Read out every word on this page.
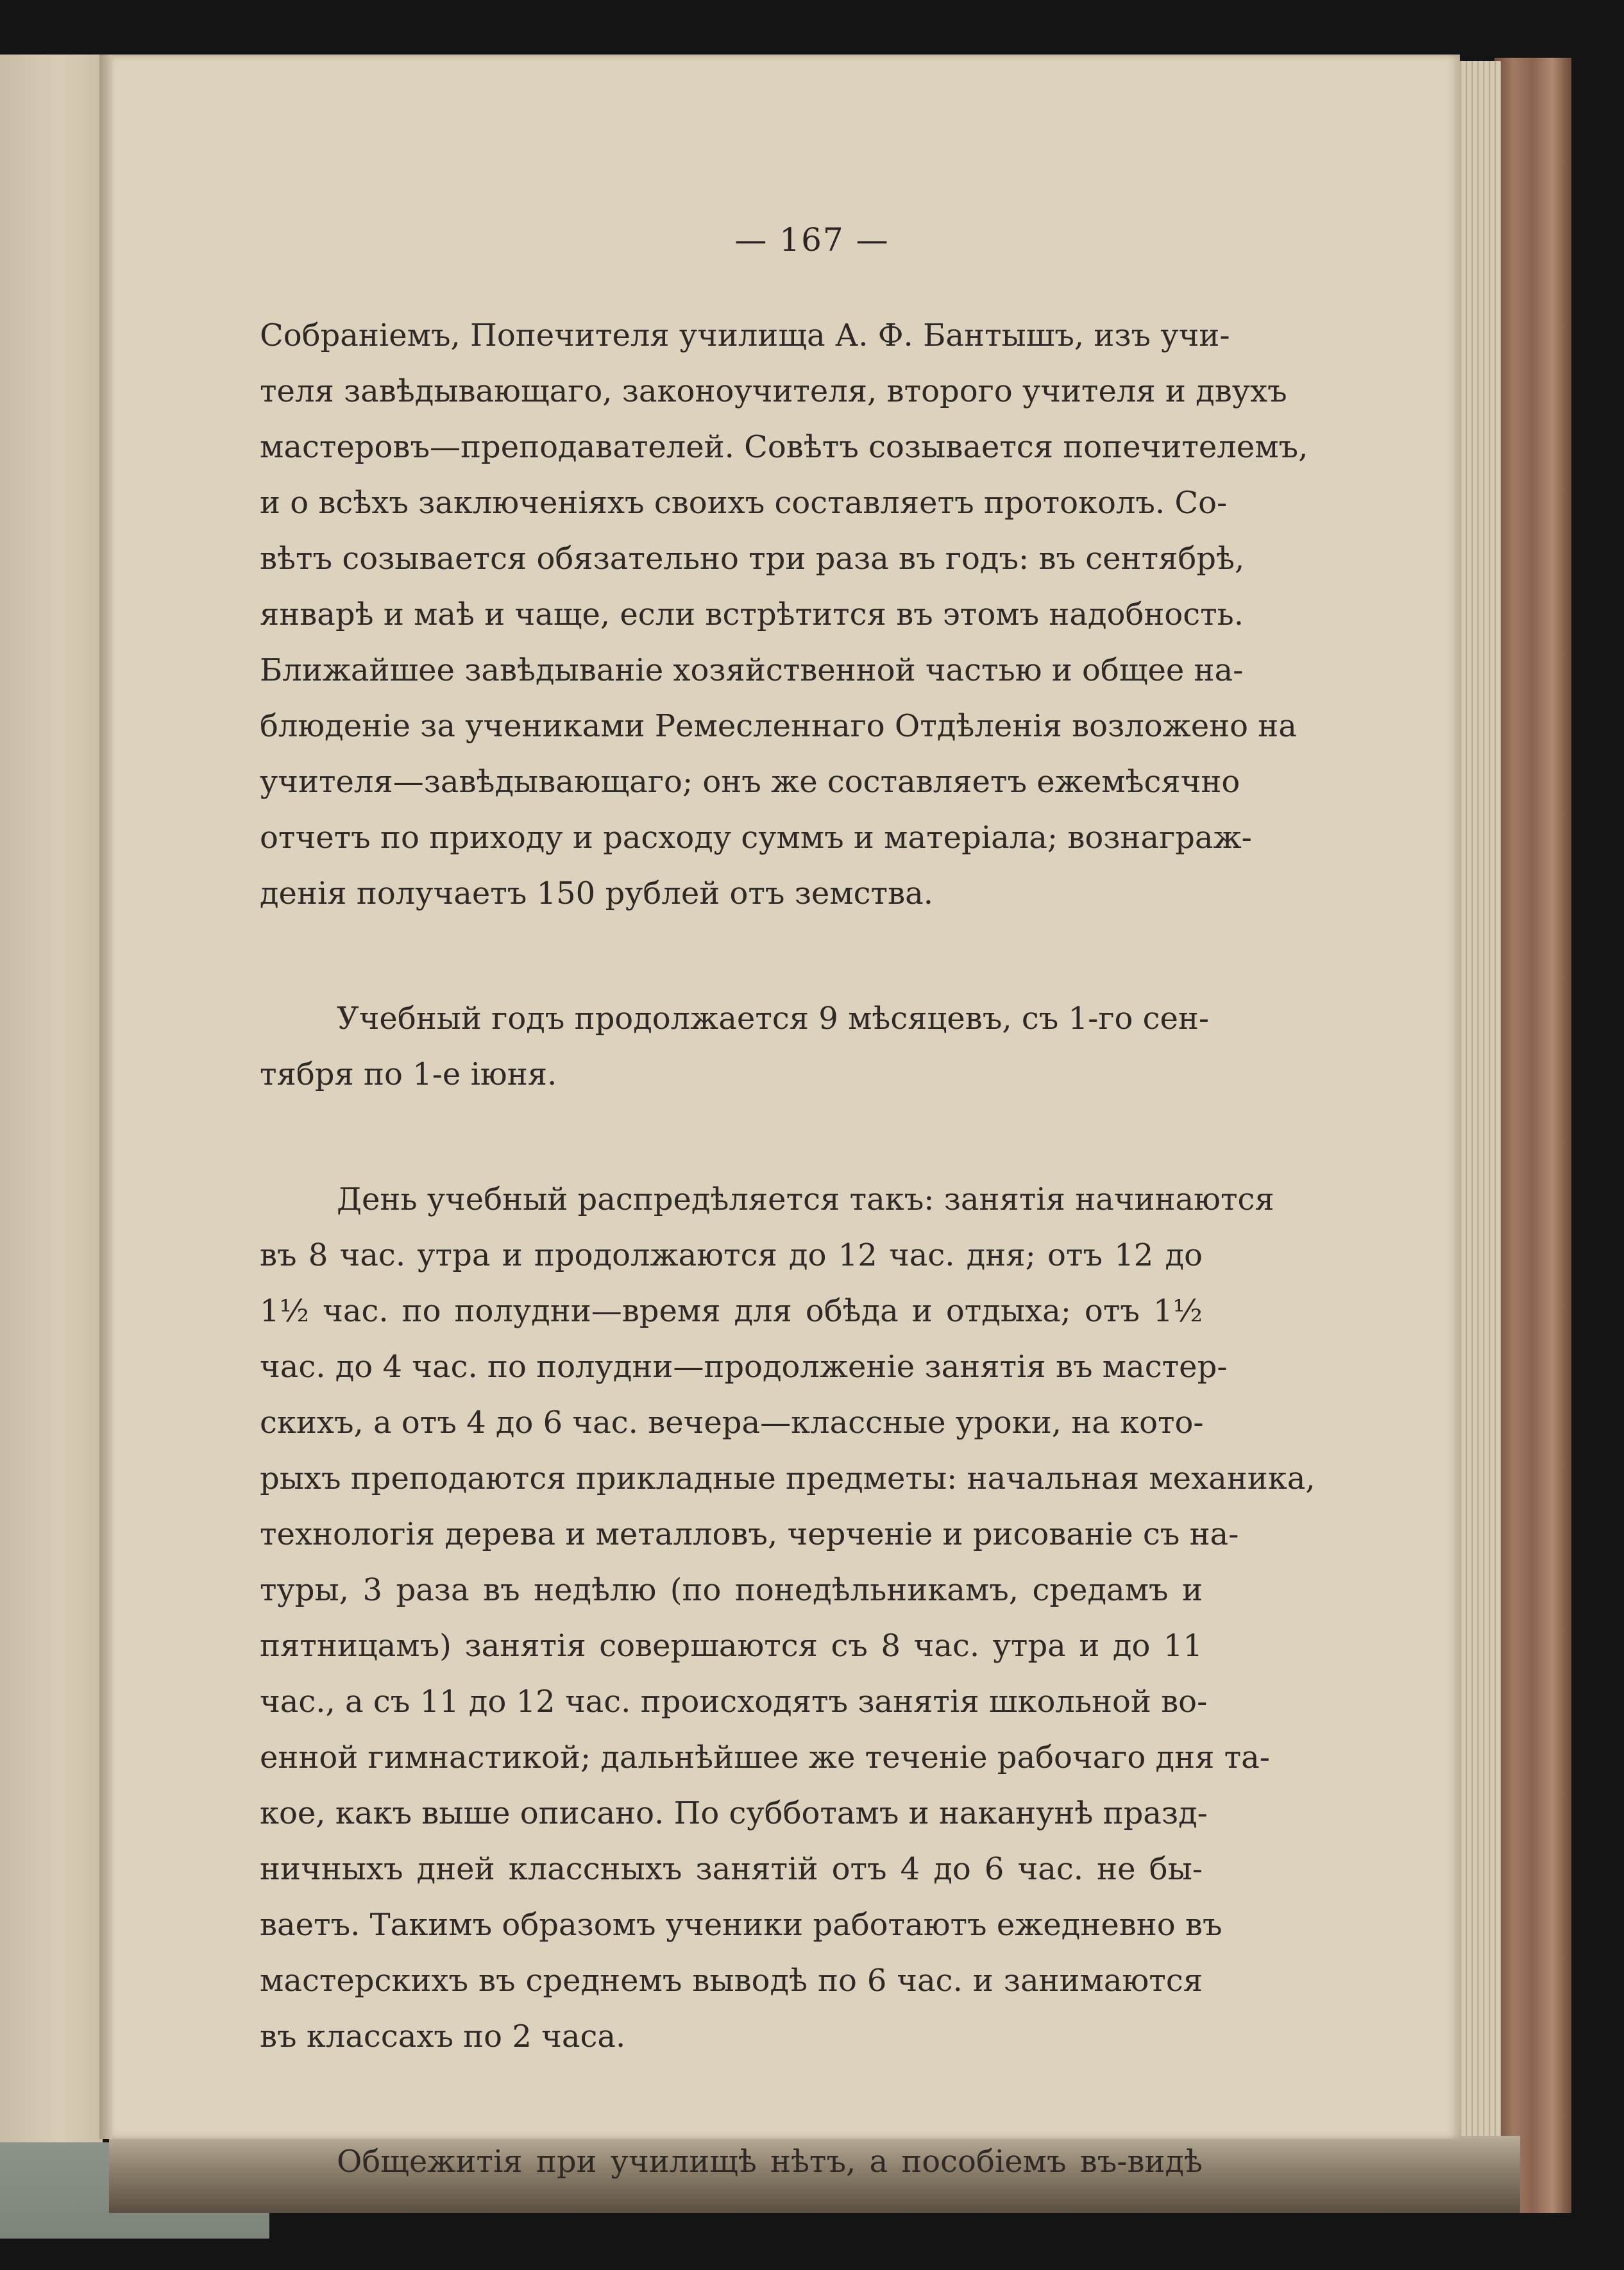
— 167 —
Собраніемъ, Попечителя училища А. Ф. Бантышъ, изъ учи-
теля завѣдывающаго, законоучителя, второго учителя и двухъ
мастеровъ—преподавателей. Совѣтъ созывается попечителемъ,
и о всѣхъ заключеніяхъ своихъ составляетъ протоколъ. Со-
вѣтъ созывается обязательно три раза въ годъ: въ сентябрѣ,
январѣ и маѣ и чаще, если встрѣтится въ этомъ надобность.
Ближайшее завѣдываніе хозяйственной частью и общее на-
блюденіе за учениками Ремесленнаго Отдѣленія возложено на
учителя—завѣдывающаго; онъ же составляетъ ежемѣсячно
отчетъ по приходу и расходу суммъ и матеріала; вознаграж-
денія получаетъ 150 рублей отъ земства.
Учебный годъ продолжается 9 мѣсяцевъ, съ 1-го сен-
тября по 1-е іюня.
День учебный распредѣляется такъ: занятія начинаются
въ 8 час. утра и продолжаются до 12 час. дня; отъ 12 до
1½ час. по полудни—время для обѣда и отдыха; отъ 1½
час. до 4 час. по полудни—продолженіе занятія въ мастер-
скихъ, а отъ 4 до 6 час. вечера—классные уроки, на кото-
рыхъ преподаются прикладные предметы: начальная механика,
технологія дерева и металловъ, черченіе и рисованіе съ на-
туры, 3 раза въ недѣлю (по понедѣльникамъ, средамъ и
пятницамъ) занятія совершаются съ 8 час. утра и до 11
час., а съ 11 до 12 час. происходятъ занятія школьной во-
енной гимнастикой; дальнѣйшее же теченіе рабочаго дня та-
кое, какъ выше описано. По субботамъ и наканунѣ празд-
ничныхъ дней классныхъ занятій отъ 4 до 6 час. не бы-
ваетъ. Такимъ образомъ ученики работаютъ ежедневно въ
мастерскихъ въ среднемъ выводѣ по 6 час. и занимаются
въ классахъ по 2 часа.
Общежитія при училищѣ нѣтъ, а пособіемъ въ-видѣ
